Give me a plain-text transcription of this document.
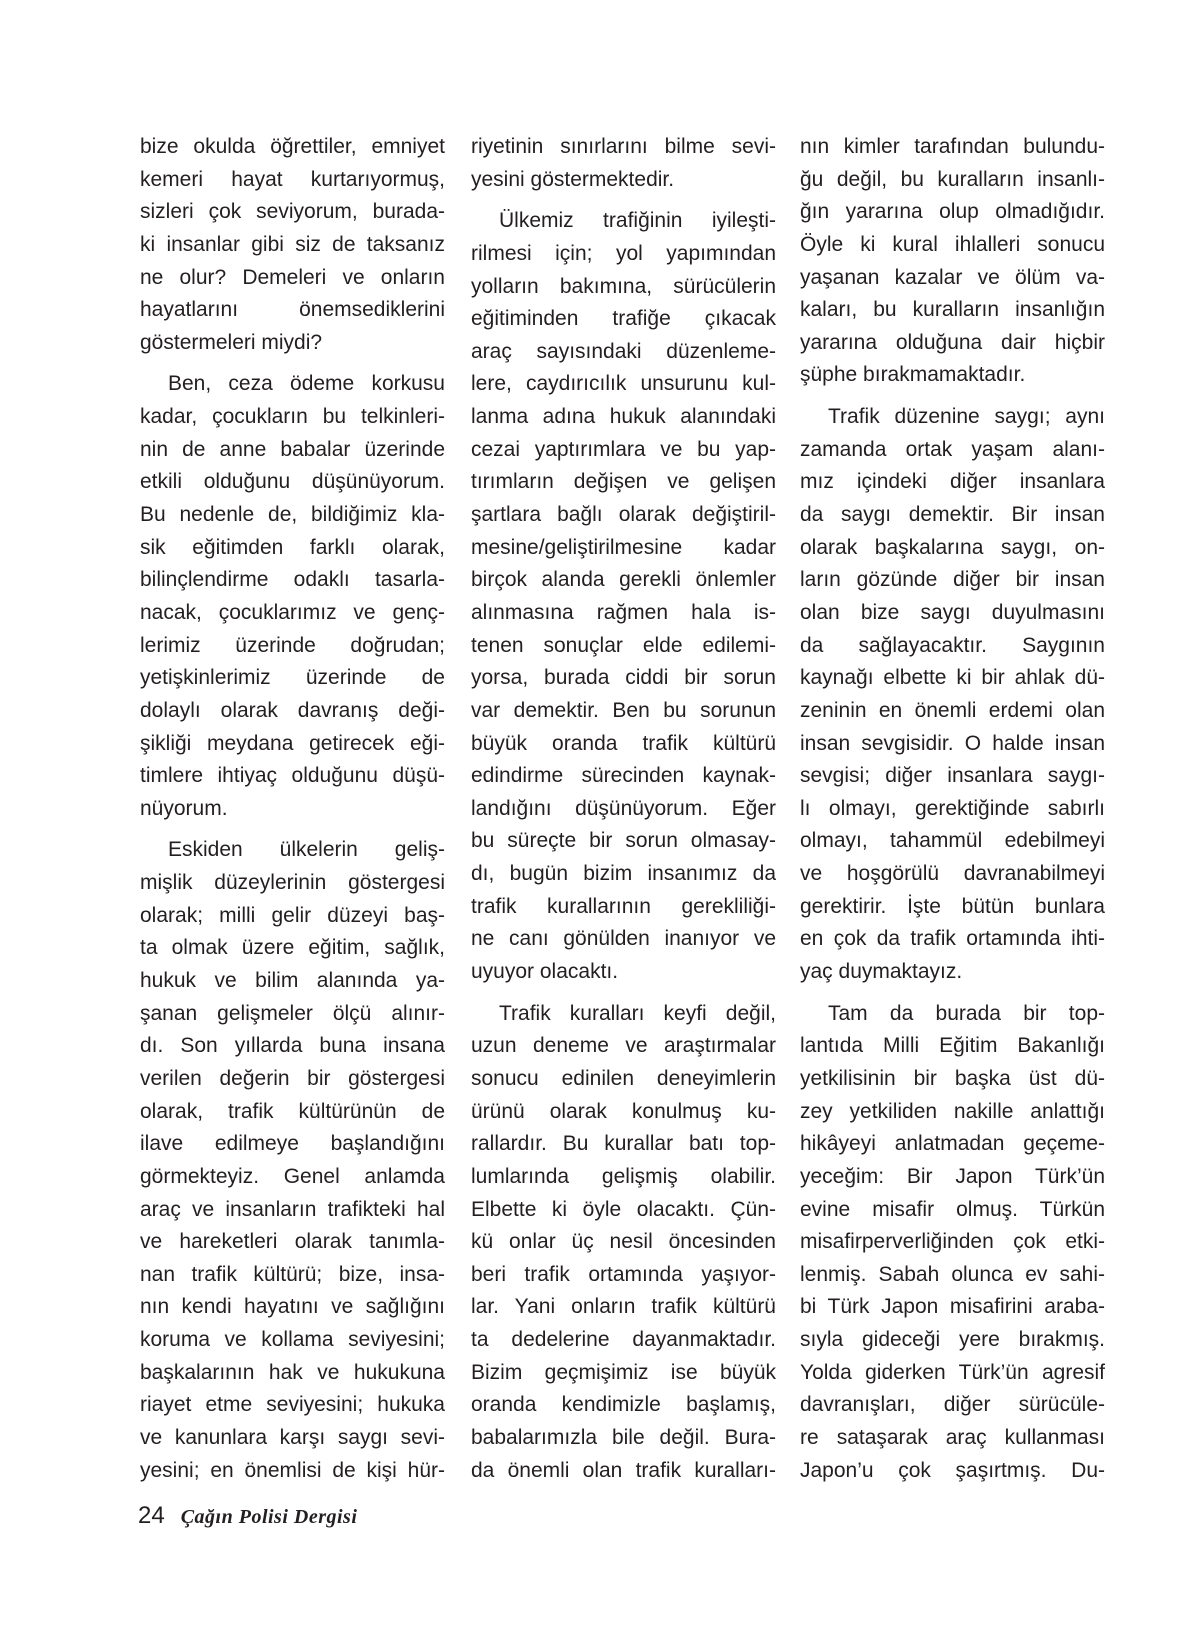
bize okulda öğrettiler, emniyet
kemeri hayat kurtarıyormuş,
sizleri çok seviyorum, burada-
ki insanlar gibi siz de taksanız
ne olur? Demeleri ve onların
hayatlarını önemsediklerini
göstermeleri miydi?
Ben, ceza ödeme korkusu
kadar, çocukların bu telkinleri-
nin de anne babalar üzerinde
etkili olduğunu düşünüyorum.
Bu nedenle de, bildiğimiz kla-
sik eğitimden farklı olarak,
bilinçlendirme odaklı tasarla-
nacak, çocuklarımız ve genç-
lerimiz üzerinde doğrudan;
yetişkinlerimiz üzerinde de
dolaylı olarak davranış deği-
şikliği meydana getirecek eği-
timlere ihtiyaç olduğunu düşü-
nüyorum.
Eskiden ülkelerin geliş-
mişlik düzeylerinin göstergesi
olarak; milli gelir düzeyi baş-
ta olmak üzere eğitim, sağlık,
hukuk ve bilim alanında ya-
şanan gelişmeler ölçü alınır-
dı. Son yıllarda buna insana
verilen değerin bir göstergesi
olarak, trafik kültürünün de
ilave edilmeye başlandığını
görmekteyiz. Genel anlamda
araç ve insanların trafikteki hal
ve hareketleri olarak tanımla-
nan trafik kültürü; bize, insa-
nın kendi hayatını ve sağlığını
koruma ve kollama seviyesini;
başkalarının hak ve hukukuna
riayet etme seviyesini; hukuka
ve kanunlara karşı saygı sevi-
yesini; en önemlisi de kişi hür-
riyetinin sınırlarını bilme sevi-
yesini göstermektedir.
Ülkemiz trafiğinin iyileşti-
rilmesi için; yol yapımından
yolların bakımına, sürücülerin
eğitiminden trafiğe çıkacak
araç sayısındaki düzenleme-
lere, caydırıcılık unsurunu kul-
lanma adına hukuk alanındaki
cezai yaptırımlara ve bu yap-
tırımların değişen ve gelişen
şartlara bağlı olarak değiştiril-
mesine/geliştirilmesine kadar
birçok alanda gerekli önlemler
alınmasına rağmen hala is-
tenen sonuçlar elde edilemi-
yorsa, burada ciddi bir sorun
var demektir. Ben bu sorunun
büyük oranda trafik kültürü
edindirme sürecinden kaynak-
landığını düşünüyorum. Eğer
bu süreçte bir sorun olmasay-
dı, bugün bizim insanımız da
trafik kurallarının gerekliliği-
ne canı gönülden inanıyor ve
uyuyor olacaktı.
Trafik kuralları keyfi değil,
uzun deneme ve araştırmalar
sonucu edinilen deneyimlerin
ürünü olarak konulmuş ku-
rallardır. Bu kurallar batı top-
lumlarında gelişmiş olabilir.
Elbette ki öyle olacaktı. Çün-
kü onlar üç nesil öncesinden
beri trafik ortamında yaşıyor-
lar. Yani onların trafik kültürü
ta dedelerine dayanmaktadır.
Bizim geçmişimiz ise büyük
oranda kendimizle başlamış,
babalarımızla bile değil. Bura-
da önemli olan trafik kuralları-
nın kimler tarafından bulundu-
ğu değil, bu kuralların insanlı-
ğın yararına olup olmadığıdır.
Öyle ki kural ihlalleri sonucu
yaşanan kazalar ve ölüm va-
kaları, bu kuralların insanlığın
yararına olduğuna dair hiçbir
şüphe bırakmamaktadır.
Trafik düzenine saygı; aynı
zamanda ortak yaşam alanı-
mız içindeki diğer insanlara
da saygı demektir. Bir insan
olarak başkalarına saygı, on-
ların gözünde diğer bir insan
olan bize saygı duyulmasını
da sağlayacaktır. Saygının
kaynağı elbette ki bir ahlak dü-
zeninin en önemli erdemi olan
insan sevgisidir. O halde insan
sevgisi; diğer insanlara saygı-
lı olmayı, gerektiğinde sabırlı
olmayı, tahammül edebilmeyi
ve hoşgörülü davranabilmeyi
gerektirir. İşte bütün bunlara
en çok da trafik ortamında ihti-
yaç duymaktayız.
Tam da burada bir top-
lantıda Milli Eğitim Bakanlığı
yetkilisinin bir başka üst dü-
zey yetkiliden nakille anlattığı
hikâyeyi anlatmadan geçeme-
yeceğim: Bir Japon Türk’ün
evine misafir olmuş. Türkün
misafirperverliğinden çok etki-
lenmiş. Sabah olunca ev sahi-
bi Türk Japon misafirini araba-
sıyla gideceği yere bırakmış.
Yolda giderken Türk’ün agresif
davranışları, diğer sürücüle-
re sataşarak araç kullanması
Japon’u çok şaşırtmış. Du-
24 Çağın Polisi Dergisi
